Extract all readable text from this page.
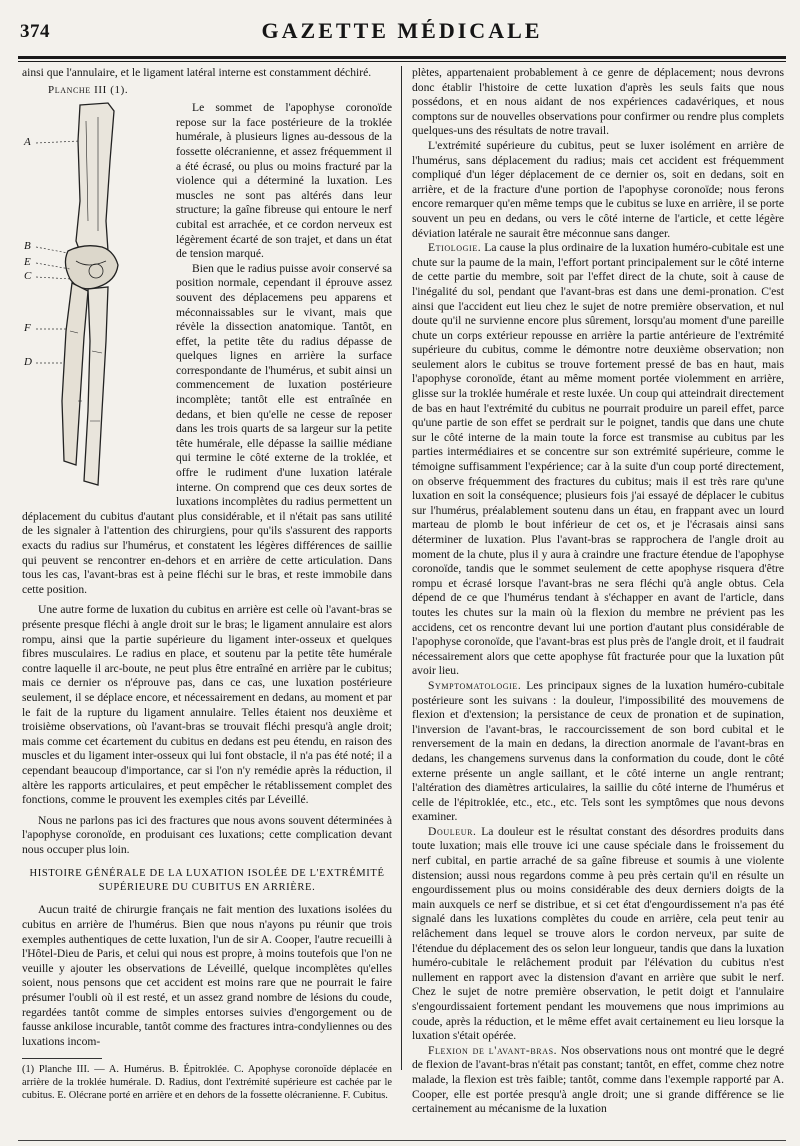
374	GAZETTE MÉDICALE

ainsi que l'annulaire, et le ligament latéral interne est constamment déchiré.

Planche III (1).
A
B
E
C
F
D

Le sommet de l'apophyse coronoïde repose sur la face postérieure de la troklée humérale, à plusieurs lignes au-dessous de la fossette olécranienne, et assez fréquemment il a été écrasé, ou plus ou moins fracturé par la violence qui a déterminé la luxation. Les muscles ne sont pas altérés dans leur structure; la gaîne fibreuse qui entoure le nerf cubital est arrachée, et ce cordon nerveux est légèrement écarté de son trajet, et dans un état de tension marqué.

Bien que le radius puisse avoir conservé sa position normale, cependant il éprouve assez souvent des déplacemens peu apparens et méconnaissables sur le vivant, mais que révèle la dissection anatomique. Tantôt, en effet, la petite tête du radius dépasse de quelques lignes en arrière la surface correspondante de l'humérus, et subit ainsi un commencement de luxation postérieure incomplète; tantôt elle est entraînée en dedans, et bien qu'elle ne cesse de reposer dans les trois quarts de sa largeur sur la petite tête humérale, elle dépasse la saillie médiane qui termine le côté externe de la troklée, et offre le rudiment d'une luxation latérale interne. On comprend que ces deux sortes de luxations incomplètes du radius permettent un déplacement du cubitus d'autant plus considérable, et il n'était pas sans utilité de les signaler à l'attention des chirurgiens, pour qu'ils s'assurent des rapports exacts du radius sur l'humérus, et constatent les légères différences de saillie qui peuvent se rencontrer en-dehors et en arrière de cette articulation. Dans tous les cas, l'avant-bras est à peine fléchi sur le bras, et reste immobile dans cette position.

Une autre forme de luxation du cubitus en arrière est celle où l'avant-bras se présente presque fléchi à angle droit sur le bras; le ligament annulaire est alors rompu, ainsi que la partie supérieure du ligament inter-osseux et quelques fibres musculaires. Le radius en place, et soutenu par la petite tête humérale contre laquelle il arc-boute, ne peut plus être entraîné en arrière par le cubitus; mais ce dernier os n'éprouve pas, dans ce cas, une luxation postérieure seulement, il se déplace encore, et nécessairement en dedans, au moment et par le fait de la rupture du ligament annulaire. Telles étaient nos deuxième et troisième observations, où l'avant-bras se trouvait fléchi presqu'à angle droit; mais comme cet écartement du cubitus en dedans est peu étendu, en raison des muscles et du ligament inter-osseux qui lui font obstacle, il n'a pas été noté; il a cependant beaucoup d'importance, car si l'on n'y remédie après la réduction, il altère les rapports articulaires, et peut empêcher le rétablissement complet des fonctions, comme le prouvent les exemples cités par Léveillé.

Nous ne parlons pas ici des fractures que nous avons souvent déterminées à l'apophyse coronoïde, en produisant ces luxations; cette complication devant nous occuper plus loin.

HISTOIRE GÉNÉRALE DE LA LUXATION ISOLÉE DE L'EXTRÉMITÉ SUPÉRIEURE DU CUBITUS EN ARRIÈRE.

Aucun traité de chirurgie français ne fait mention des luxations isolées du cubitus en arrière de l'humérus. Bien que nous n'ayons pu réunir que trois exemples authentiques de cette luxation, l'un de sir A. Cooper, l'autre recueilli à l'Hôtel-Dieu de Paris, et celui qui nous est propre, à moins toutefois que l'on ne veuille y ajouter les observations de Léveillé, quelque incomplètes qu'elles soient, nous pensons que cet accident est moins rare que ne pourrait le faire présumer l'oubli où il est resté, et un assez grand nombre de lésions du coude, regardées tantôt comme de simples entorses suivies d'engorgement ou de fausse ankilose incurable, tantôt comme des fractures intra-condyliennes ou des luxations incom-

(1) Planche III. — A. Humérus. B. Épitroklée. C. Apophyse coronoïde déplacée en arrière de la troklée humérale. D. Radius, dont l'extrémité supérieure est cachée par le cubitus. E. Olécrane porté en arrière et en dehors de la fossette olécranienne. F. Cubitus.

plètes, appartenaient probablement à ce genre de déplacement; nous devrons donc établir l'histoire de cette luxation d'après les seuls faits que nous possédons, et en nous aidant de nos expériences cadavériques, et nous comptons sur de nouvelles observations pour confirmer ou rendre plus complets quelques-uns des résultats de notre travail.

L'extrémité supérieure du cubitus, peut se luxer isolément en arrière de l'humérus, sans déplacement du radius; mais cet accident est fréquemment compliqué d'un léger déplacement de ce dernier os, soit en dedans, soit en arrière, et de la fracture d'une portion de l'apophyse coronoïde; nous ferons encore remarquer qu'en même temps que le cubitus se luxe en arrière, il se porte souvent un peu en dedans, ou vers le côté interne de l'article, et cette légère déviation latérale ne saurait être méconnue sans danger.

Etiologie. La cause la plus ordinaire de la luxation huméro-cubitale est une chute sur la paume de la main, l'effort portant principalement sur le côté interne de cette partie du membre, soit par l'effet direct de la chute, soit à cause de l'inégalité du sol, pendant que l'avant-bras est dans une demi-pronation. C'est ainsi que l'accident eut lieu chez le sujet de notre première observation, et nul doute qu'il ne survienne encore plus sûrement, lorsqu'au moment d'une pareille chute un corps extérieur repousse en arrière la partie antérieure de l'extrémité supérieure du cubitus, comme le démontre notre deuxième observation; non seulement alors le cubitus se trouve fortement pressé de bas en haut, mais l'apophyse coronoïde, étant au même moment portée violemment en arrière, glisse sur la troklée humérale et reste luxée. Un coup qui atteindrait directement de bas en haut l'extrémité du cubitus ne pourrait produire un pareil effet, parce qu'une partie de son effet se perdrait sur le poignet, tandis que dans une chute sur le côté interne de la main toute la force est transmise au cubitus par les parties intermédiaires et se concentre sur son extrémité supérieure, comme le témoigne suffisamment l'expérience; car à la suite d'un coup porté directement, on observe fréquemment des fractures du cubitus; mais il est très rare qu'une luxation en soit la conséquence; plusieurs fois j'ai essayé de déplacer le cubitus sur l'humérus, préalablement soutenu dans un étau, en frappant avec un lourd marteau de plomb le bout inférieur de cet os, et je l'écrasais ainsi sans déterminer de luxation. Plus l'avant-bras se rapprochera de l'angle droit au moment de la chute, plus il y aura à craindre une fracture étendue de l'apophyse coronoïde, tandis que le sommet seulement de cette apophyse risquera d'être rompu et écrasé lorsque l'avant-bras ne sera fléchi qu'à angle obtus. Cela dépend de ce que l'humérus tendant à s'échapper en avant de l'article, dans toutes les chutes sur la main où la flexion du membre ne prévient pas les accidens, cet os rencontre devant lui une portion d'autant plus considérable de l'apophyse coronoïde, que l'avant-bras est plus près de l'angle droit, et il faudrait nécessairement alors que cette apophyse fût fracturée pour que la luxation pût avoir lieu.

Symptomatologie. Les principaux signes de la luxation huméro-cubitale postérieure sont les suivans : la douleur, l'impossibilité des mouvemens de flexion et d'extension; la persistance de ceux de pronation et de supination, l'inversion de l'avant-bras, le raccourcissement de son bord cubital et le renversement de la main en dedans, la direction anormale de l'avant-bras en dedans, les changemens survenus dans la conformation du coude, dont le côté externe présente un angle saillant, et le côté interne un angle rentrant; l'altération des diamètres articulaires, la saillie du côté interne de l'humérus et celle de l'épitroklée, etc., etc., etc. Tels sont les symptômes que nous devons examiner.

Douleur. La douleur est le résultat constant des désordres produits dans toute luxation; mais elle trouve ici une cause spéciale dans le froissement du nerf cubital, en partie arraché de sa gaîne fibreuse et soumis à une violente distension; aussi nous regardons comme à peu près certain qu'il en résulte un engourdissement plus ou moins considérable des deux derniers doigts de la main auxquels ce nerf se distribue, et si cet état d'engourdissement n'a pas été signalé dans les luxations complètes du coude en arrière, cela peut tenir au relâchement dans lequel se trouve alors le cordon nerveux, par suite de l'étendue du déplacement des os selon leur longueur, tandis que dans la luxation huméro-cubitale le relâchement produit par l'élévation du cubitus n'est nullement en rapport avec la distension d'avant en arrière que subit le nerf. Chez le sujet de notre première observation, le petit doigt et l'annulaire s'engourdissaient fortement pendant les mouvemens que nous imprimions au coude, après la réduction, et le même effet avait certainement eu lieu lorsque la luxation s'était opérée.

Flexion de l'avant-bras. Nos observations nous ont montré que le degré de flexion de l'avant-bras n'était pas constant; tantôt, en effet, comme chez notre malade, la flexion est très faible; tantôt, comme dans l'exemple rapporté par A. Cooper, elle est portée presqu'à angle droit; une si grande différence se lie certainement au mécanisme de la luxation
